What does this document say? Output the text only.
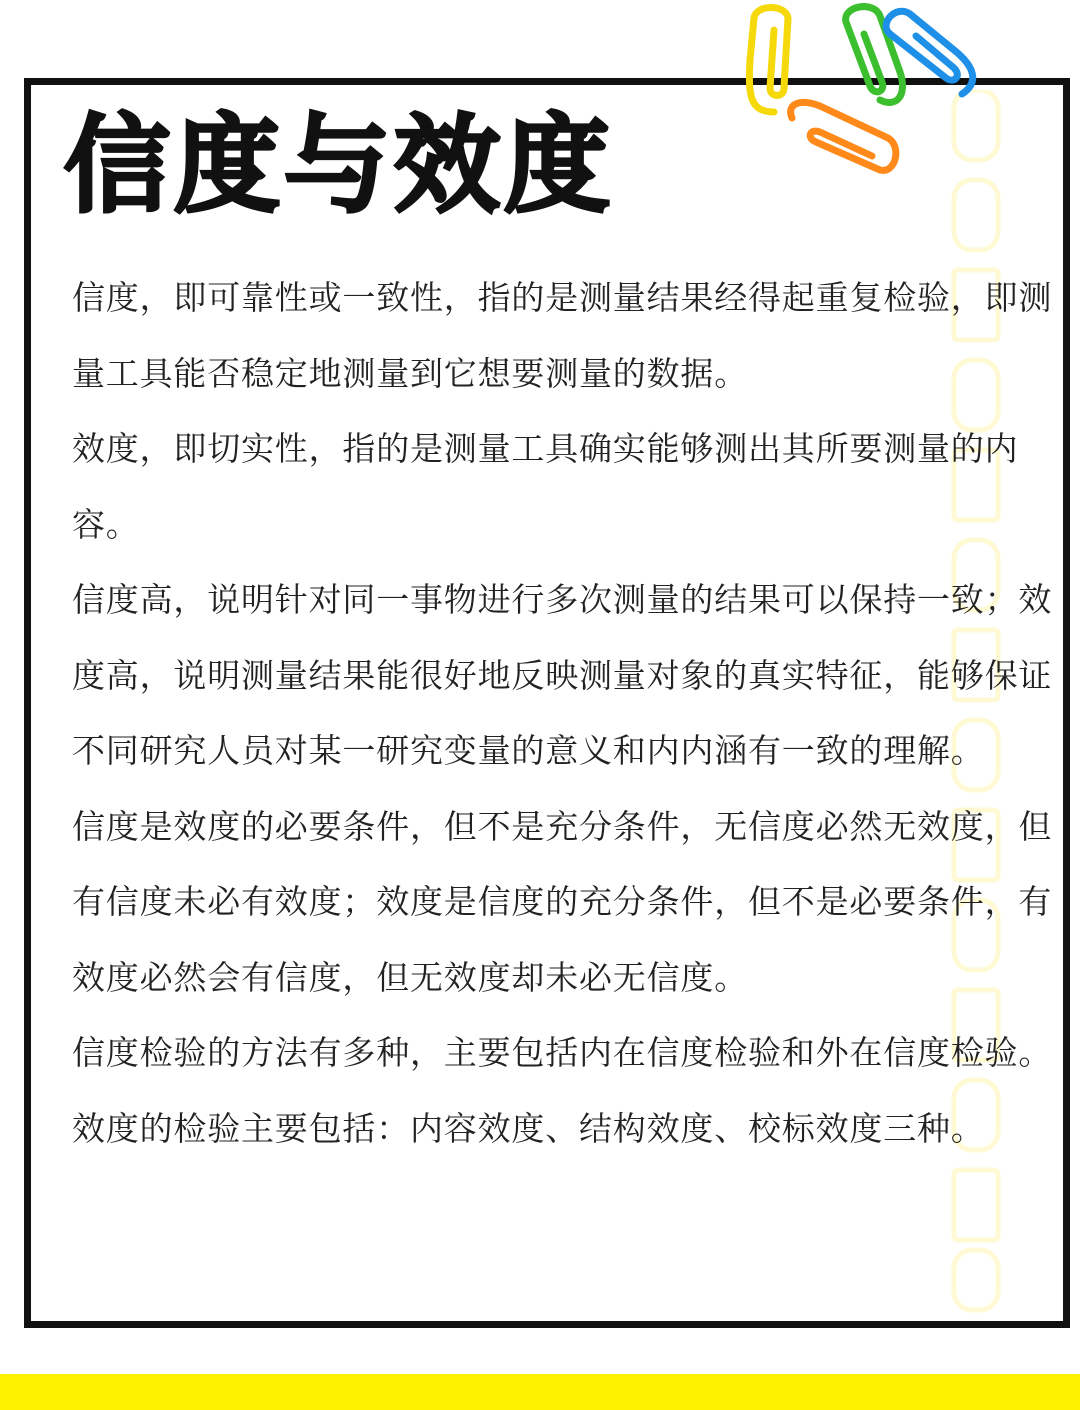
信度与效度

信度，即可靠性或一致性，指的是测量结果经得起重复检验，即测量工具能否稳定地测量到它想要测量的数据。

效度，即切实性，指的是测量工具确实能够测出其所要测量的内容。

信度高，说明针对同一事物进行多次测量的结果可以保持一致；效度高，说明测量结果能很好地反映测量对象的真实特征，能够保证不同研究人员对某一研究变量的意义和内内涵有一致的理解。

信度是效度的必要条件，但不是充分条件，无信度必然无效度，但有信度未必有效度；效度是信度的充分条件，但不是必要条件，有效度必然会有信度，但无效度却未必无信度。

信度检验的方法有多种，主要包括内在信度检验和外在信度检验。效度的检验主要包括：内容效度、结构效度、校标效度三种。
